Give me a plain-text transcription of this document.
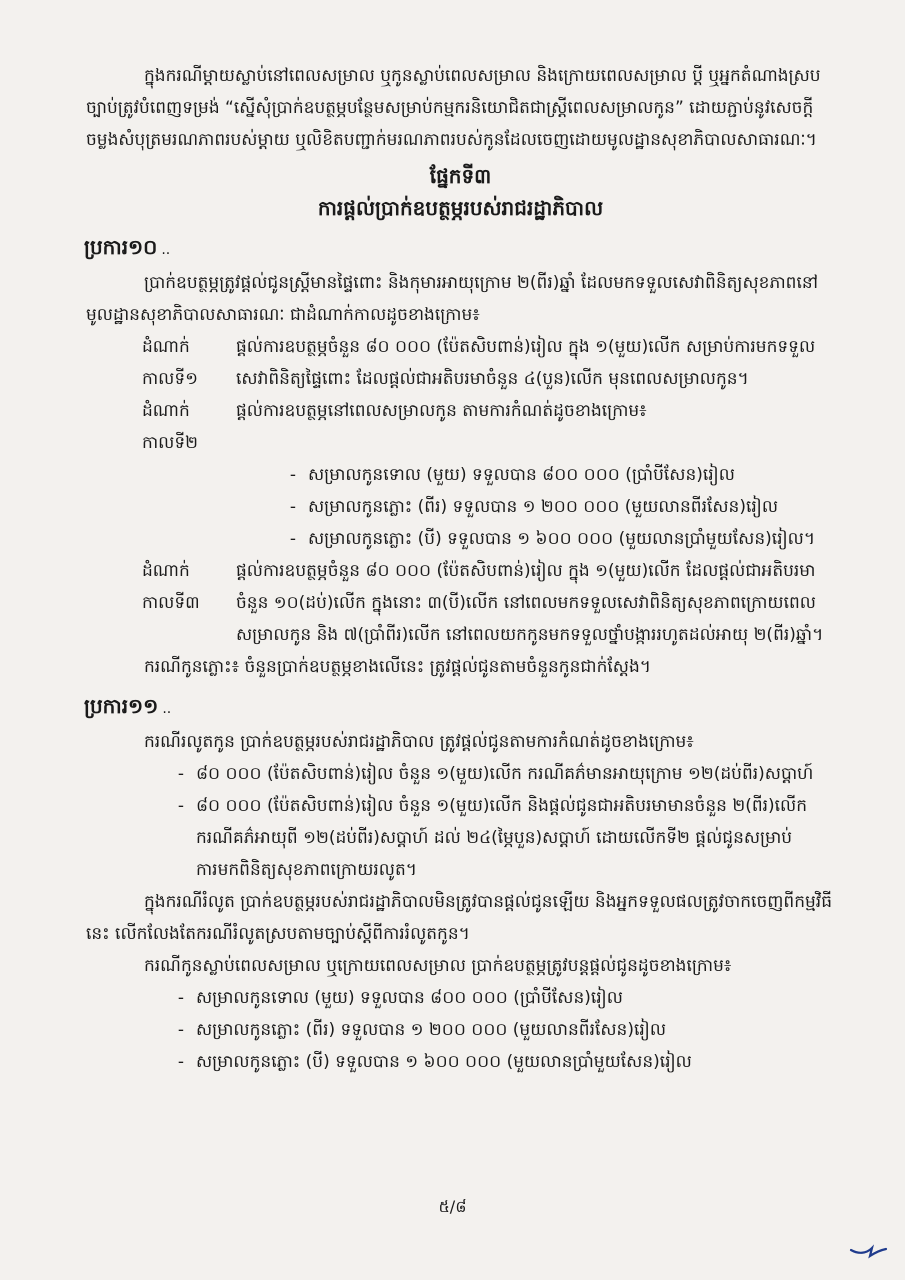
ក្នុងករណីម្តាយស្លាប់នៅពេលសម្រាល ឬកូនស្លាប់ពេលសម្រាល និងក្រោយពេលសម្រាល ប្តី ឬអ្នកតំណាងស្របច្បាប់ត្រូវបំពេញទម្រង់ “ស្នើសុំប្រាក់ឧបត្ថម្ភបន្ថែមសម្រាប់កម្មករនិយោជិតជាស្ត្រីពេលសម្រាលកូន” ដោយភ្ជាប់នូវសេចក្តីចម្លងសំបុត្រមរណភាពរបស់ម្តាយ ឬលិខិតបញ្ជាក់មរណភាពរបស់កូនដែលចេញដោយមូលដ្ឋានសុខាភិបាលសាធារណៈ។

ផ្នែកទី៣

ការផ្តល់ប្រាក់ឧបត្ថម្ភរបស់រាជរដ្ឋាភិបាល

ប្រការ១០ ..

ប្រាក់ឧបត្ថម្ភត្រូវផ្តល់ជូនស្ត្រីមានផ្ទៃពោះ និងកុមារអាយុក្រោម ២(ពីរ)ឆ្នាំ ដែលមកទទួលសេវាពិនិត្យសុខភាពនៅមូលដ្ឋានសុខាភិបាលសាធារណៈ ជាដំណាក់កាលដូចខាងក្រោម៖

ដំណាក់កាលទី១
ផ្តល់ការឧបត្ថម្ភចំនួន ៨០ ០០០ (ប៉ែតសិបពាន់)រៀល ក្នុង ១(មួយ)លើក សម្រាប់ការមកទទួលសេវាពិនិត្យផ្ទៃពោះ ដែលផ្តល់ជាអតិបរមាចំនួន ៤(បួន)លើក មុនពេលសម្រាលកូន។
ដំណាក់កាលទី២
ផ្តល់ការឧបត្ថម្ភនៅពេលសម្រាលកូន តាមការកំណត់ដូចខាងក្រោម៖
- សម្រាលកូនទោល (មួយ) ទទួលបាន ៨០០ ០០០ (ប្រាំបីសែន)រៀល
- សម្រាលកូនភ្លោះ (ពីរ) ទទួលបាន ១ ២០០ ០០០ (មួយលានពីរសែន)រៀល
- សម្រាលកូនភ្លោះ (បី) ទទួលបាន ១ ៦០០ ០០០ (មួយលានប្រាំមួយសែន)រៀល។
ដំណាក់កាលទី៣
ផ្តល់ការឧបត្ថម្ភចំនួន ៨០ ០០០ (ប៉ែតសិបពាន់)រៀល ក្នុង ១(មួយ)លើក ដែលផ្តល់ជាអតិបរមាចំនួន ១០(ដប់)លើក ក្នុងនោះ ៣(បី)លើក នៅពេលមកទទួលសេវាពិនិត្យសុខភាពក្រោយពេលសម្រាលកូន និង ៧(ប្រាំពីរ)លើក នៅពេលយកកូនមកទទួលថ្នាំបង្ការរហូតដល់អាយុ ២(ពីរ)ឆ្នាំ។

ករណីកូនភ្លោះ៖ ចំនួនប្រាក់ឧបត្ថម្ភខាងលើនេះ ត្រូវផ្តល់ជូនតាមចំនួនកូនជាក់ស្តែង។

ប្រការ១១ ..

ករណីរលូតកូន ប្រាក់ឧបត្ថម្ភរបស់រាជរដ្ឋាភិបាល ត្រូវផ្តល់ជូនតាមការកំណត់ដូចខាងក្រោម៖

- ៨០ ០០០ (ប៉ែតសិបពាន់)រៀល ចំនួន ១(មួយ)លើក ករណីគភ៌មានអាយុក្រោម ១២(ដប់ពីរ)សប្តាហ៍
- ៨០ ០០០ (ប៉ែតសិបពាន់)រៀល ចំនួន ១(មួយ)លើក និងផ្តល់ជូនជាអតិបរមាមានចំនួន ២(ពីរ)លើក ករណីគភ៌អាយុពី ១២(ដប់ពីរ)សប្តាហ៍ ដល់ ២៤(ម្ភៃបួន)សប្តាហ៍ ដោយលើកទី២ ផ្តល់ជូនសម្រាប់ការមកពិនិត្យសុខភាពក្រោយរលូត។

ក្នុងករណីរំលូត ប្រាក់ឧបត្ថម្ភរបស់រាជរដ្ឋាភិបាលមិនត្រូវបានផ្តល់ជូនឡើយ និងអ្នកទទួលផលត្រូវចាកចេញពីកម្មវិធីនេះ លើកលែងតែករណីរំលូតស្របតាមច្បាប់ស្តីពីការរំលូតកូន។

ករណីកូនស្លាប់ពេលសម្រាល ឬក្រោយពេលសម្រាល ប្រាក់ឧបត្ថម្ភត្រូវបន្តផ្តល់ជូនដូចខាងក្រោម៖

- សម្រាលកូនទោល (មួយ) ទទួលបាន ៨០០ ០០០ (ប្រាំបីសែន)រៀល
- សម្រាលកូនភ្លោះ (ពីរ) ទទួលបាន ១ ២០០ ០០០ (មួយលានពីរសែន)រៀល
- សម្រាលកូនភ្លោះ (បី) ទទួលបាន ១ ៦០០ ០០០ (មួយលានប្រាំមួយសែន)រៀល
៥/៨
